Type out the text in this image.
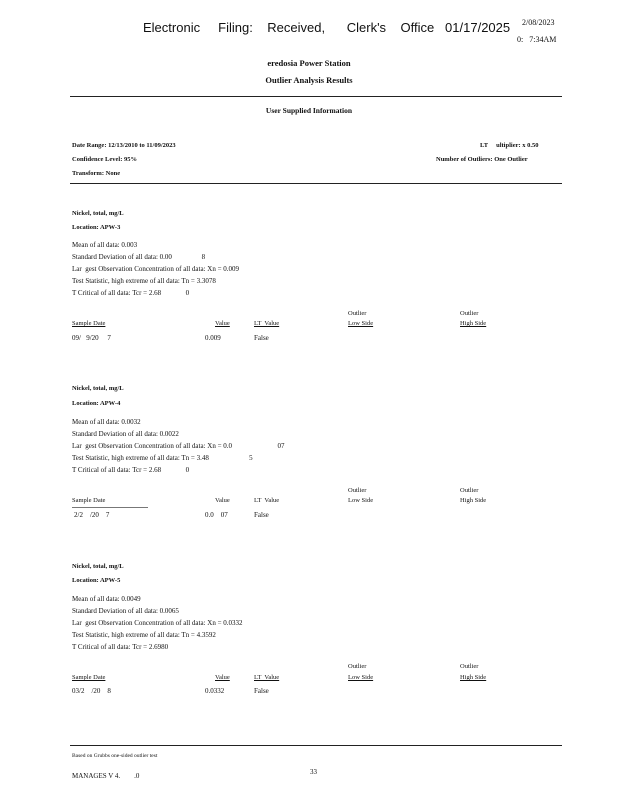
Electronic     Filing:    Received,      Clerk's    Office   01/17/2025 2/08/2023
0:   7:34AM
eredosia Power Station
Outlier Analysis Results
User Supplied Information
Date Range: 12/13/2010 to 11/09/2023	LT     ultiplier: x 0.50
Confidence Level: 95%	Number of Outliers: One Outlier
Transform: None
Nickel, total, mg/L
Location: APW-3
Mean of all data: 0.003
Standard Deviation of all data: 0.00                 8
Lar  gest Observation Concentration of all data: Xn = 0.009
Test Statistic, high extreme of all data: Tn = 3.3078
T Critical of all data: Tcr = 2.68              0
Outlier	Outlier
Sample Date	Value	LT  Value	Low Side	High Side
09/   9/20     7	0.009	False
Nickel, total, mg/L
Location: APW-4
Mean of all data: 0.0032
Standard Deviation of all data: 0.0022
Lar  gest Observation Concentration of all data: Xn = 0.0                          07
Test Statistic, high extreme of all data: Tn = 3.48                       5
T Critical of all data: Tcr = 2.68              0
Outlier	Outlier
Sample Date	Value	LT  Value	Low Side	High Side
2/2    /20    7	0.0    07	False
Nickel, total, mg/L
Location: APW-5
Mean of all data: 0.0049
Standard Deviation of all data: 0.0065
Lar  gest Observation Concentration of all data: Xn = 0.0332
Test Statistic, high extreme of all data: Tn = 4.3592
T Critical of all data: Tcr = 2.6980
Outlier	Outlier
Sample Date	Value	LT  Value	Low Side	High Side
03/2    /20    8	0.0332	False
Based on Grubbs one-sided outlier test
MANAGES V 4.        .0	33
